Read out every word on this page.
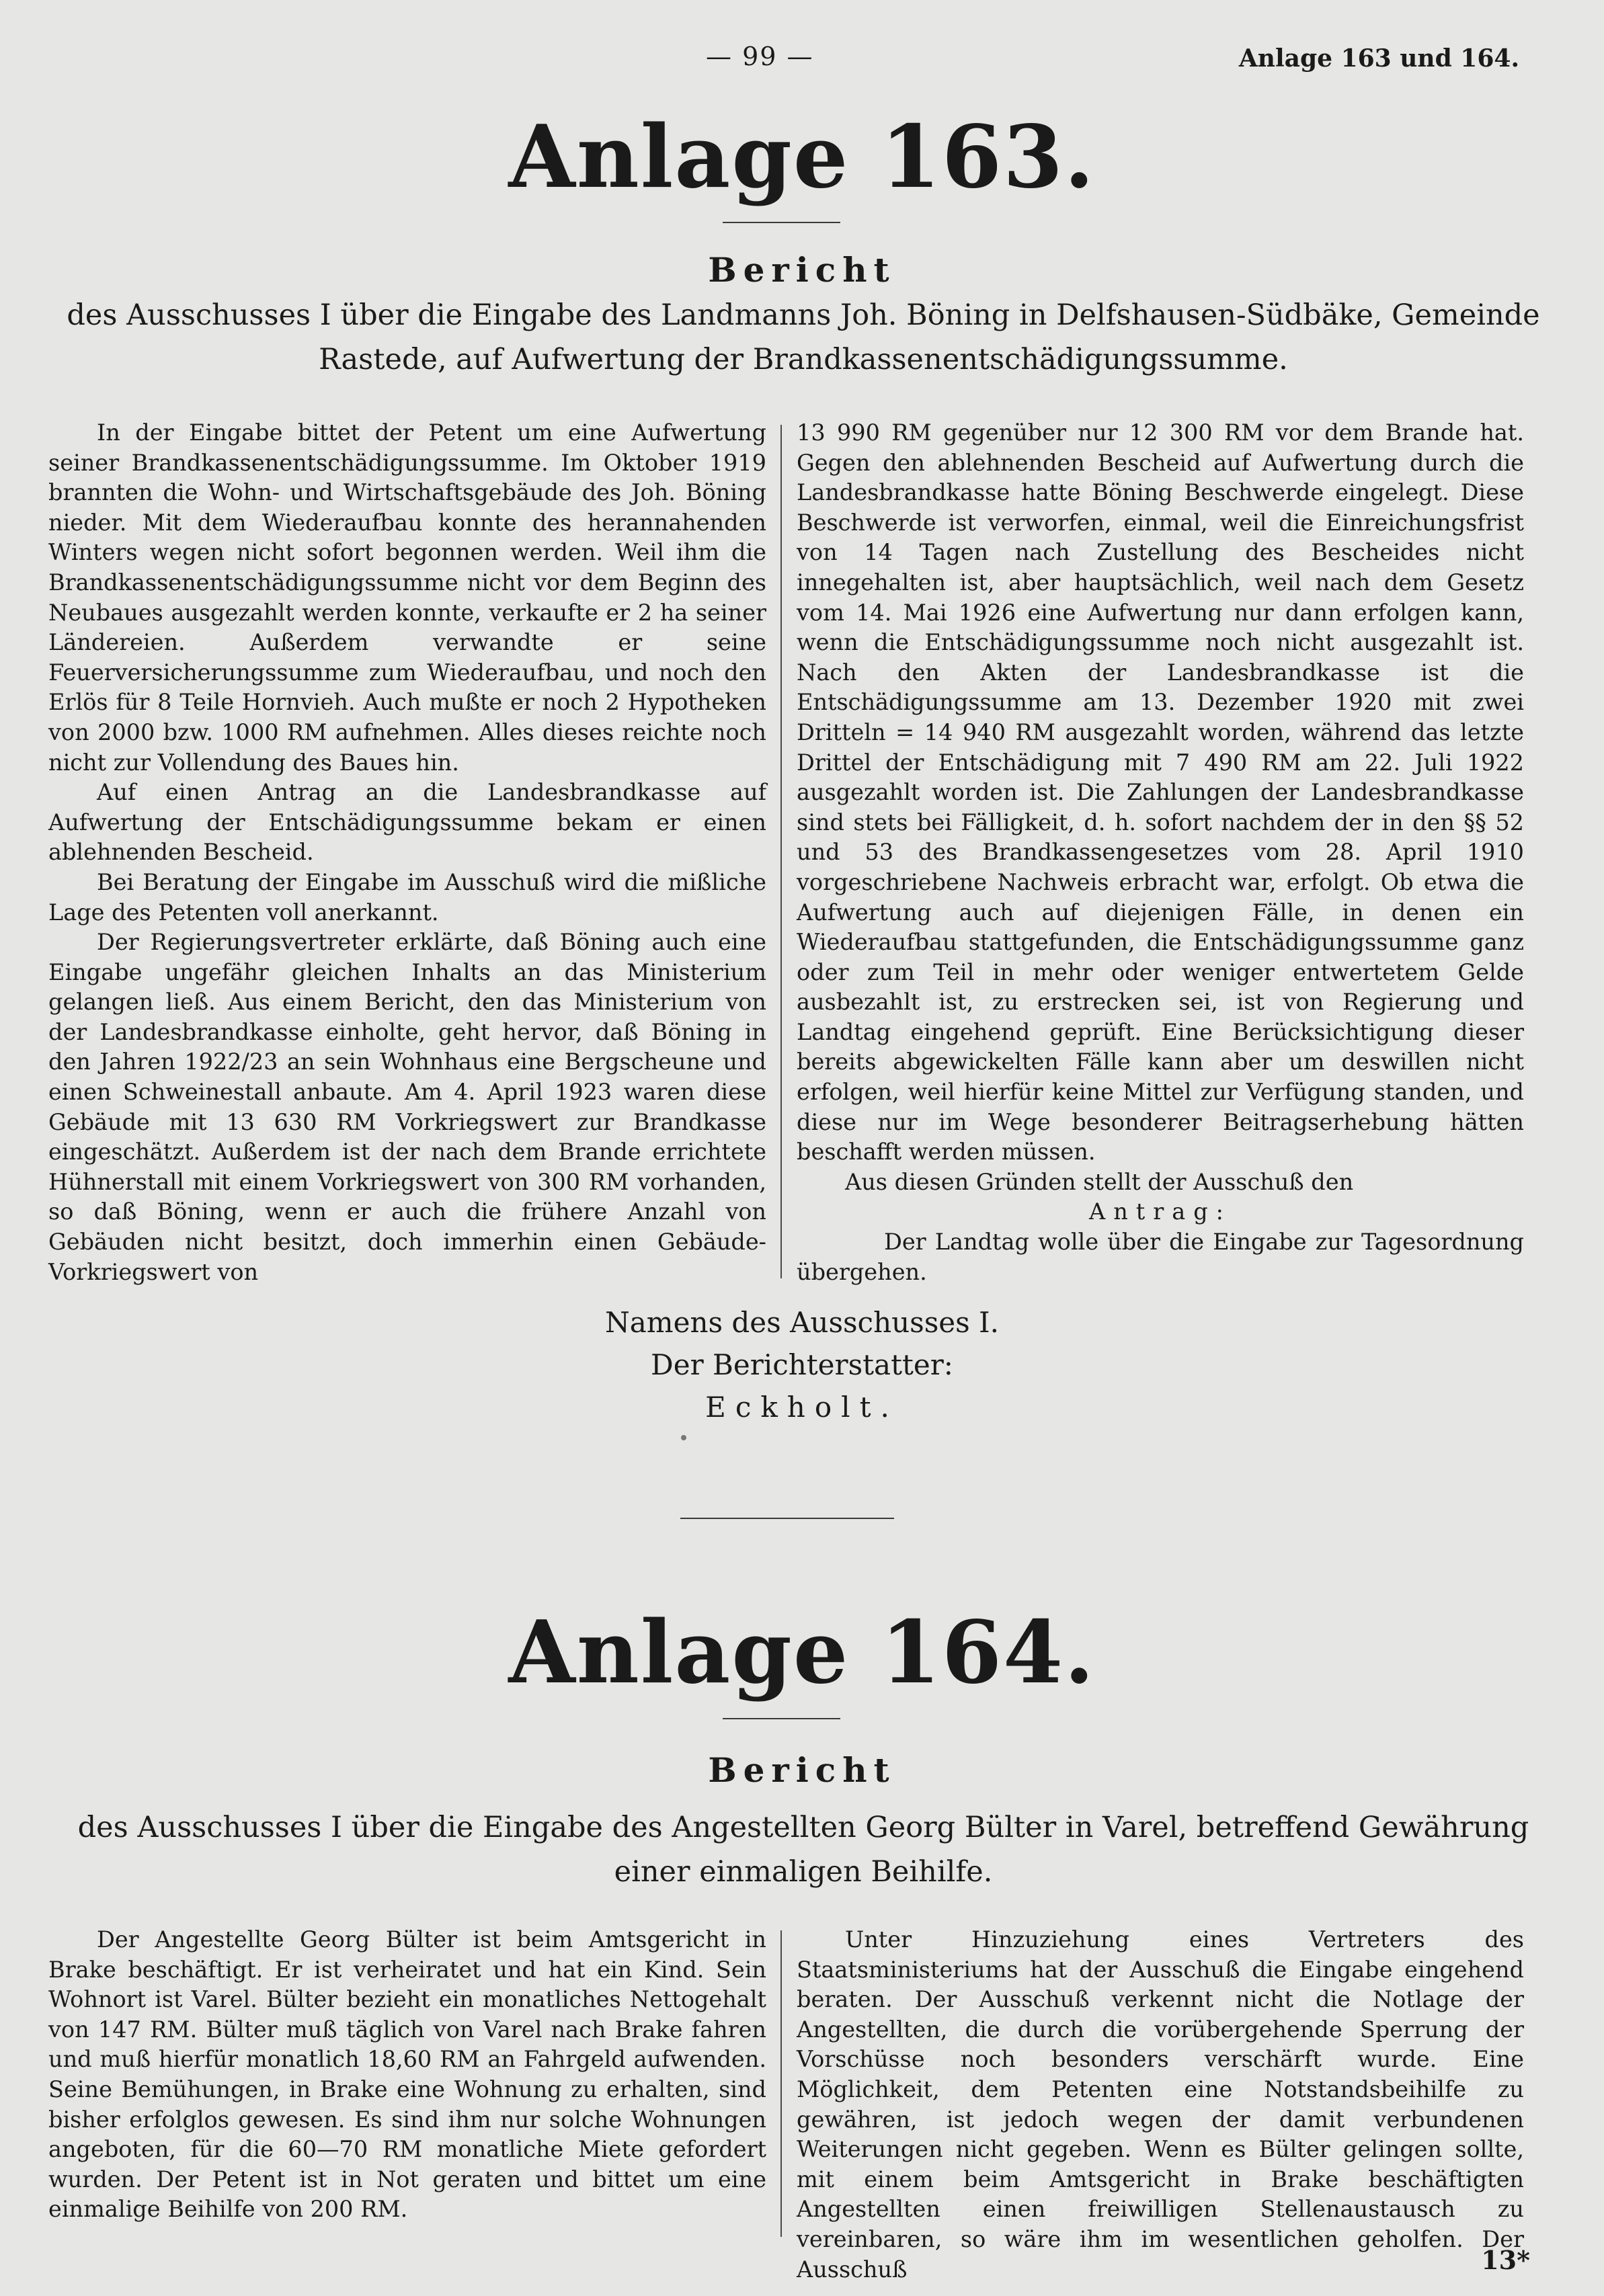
— 99 —	Anlage 163 und 164.
Anlage 163.
Bericht
des Ausschusses I über die Eingabe des Landmanns Joh. Böning in Delfshausen-Südbäke, Gemeinde Rastede, auf Aufwertung der Brandkassenentschädigungssumme.

In der Eingabe bittet der Petent um eine Aufwertung seiner Brandkassenentschädigungssumme. Im Oktober 1919 brannten die Wohn- und Wirtschaftsgebäude des Joh. Böning nieder. Mit dem Wiederaufbau konnte des herannahenden Winters wegen nicht sofort begonnen werden. Weil ihm die Brandkassenentschädigungssumme nicht vor dem Beginn des Neubaues ausgezahlt werden konnte, verkaufte er 2 ha seiner Ländereien. Außerdem verwandte er seine Feuerversicherungssumme zum Wiederaufbau, und noch den Erlös für 8 Teile Hornvieh. Auch mußte er noch 2 Hypotheken von 2000 bzw. 1000 RM aufnehmen. Alles dieses reichte noch nicht zur Vollendung des Baues hin.

Auf einen Antrag an die Landesbrandkasse auf Aufwertung der Entschädigungssumme bekam er einen ablehnenden Bescheid.

Bei Beratung der Eingabe im Ausschuß wird die mißliche Lage des Petenten voll anerkannt.

Der Regierungsvertreter erklärte, daß Böning auch eine Eingabe ungefähr gleichen Inhalts an das Ministerium gelangen ließ. Aus einem Bericht, den das Ministerium von der Landesbrandkasse einholte, geht hervor, daß Böning in den Jahren 1922/23 an sein Wohnhaus eine Bergscheune und einen Schweinestall anbaute. Am 4. April 1923 waren diese Gebäude mit 13 630 RM Vorkriegswert zur Brandkasse eingeschätzt. Außerdem ist der nach dem Brande errichtete Hühnerstall mit einem Vorkriegswert von 300 RM vorhanden, so daß Böning, wenn er auch die frühere Anzahl von Gebäuden nicht besitzt, doch immerhin einen Gebäude-Vorkriegswert von

13 990 RM gegenüber nur 12 300 RM vor dem Brande hat. Gegen den ablehnenden Bescheid auf Aufwertung durch die Landesbrandkasse hatte Böning Beschwerde eingelegt. Diese Beschwerde ist verworfen, einmal, weil die Einreichungsfrist von 14 Tagen nach Zustellung des Bescheides nicht innegehalten ist, aber hauptsächlich, weil nach dem Gesetz vom 14. Mai 1926 eine Aufwertung nur dann erfolgen kann, wenn die Entschädigungssumme noch nicht ausgezahlt ist. Nach den Akten der Landesbrandkasse ist die Entschädigungssumme am 13. Dezember 1920 mit zwei Dritteln = 14 940 RM ausgezahlt worden, während das letzte Drittel der Entschädigung mit 7 490 RM am 22. Juli 1922 ausgezahlt worden ist. Die Zahlungen der Landesbrandkasse sind stets bei Fälligkeit, d. h. sofort nachdem der in den §§ 52 und 53 des Brandkassengesetzes vom 28. April 1910 vorgeschriebene Nachweis erbracht war, erfolgt. Ob etwa die Aufwertung auch auf diejenigen Fälle, in denen ein Wiederaufbau stattgefunden, die Entschädigungssumme ganz oder zum Teil in mehr oder weniger entwertetem Gelde ausbezahlt ist, zu erstrecken sei, ist von Regierung und Landtag eingehend geprüft. Eine Berücksichtigung dieser bereits abgewickelten Fälle kann aber um deswillen nicht erfolgen, weil hierfür keine Mittel zur Verfügung standen, und diese nur im Wege besonderer Beitragserhebung hätten beschafft werden müssen.

Aus diesen Gründen stellt der Ausschuß den

Antrag:

Der Landtag wolle über die Eingabe zur Tagesordnung übergehen.

Namens des Ausschusses I.
Der Berichterstatter:
Eckholt.
Anlage 164.
Bericht
des Ausschusses I über die Eingabe des Angestellten Georg Bülter in Varel, betreffend Gewährung einer einmaligen Beihilfe.

Der Angestellte Georg Bülter ist beim Amtsgericht in Brake beschäftigt. Er ist verheiratet und hat ein Kind. Sein Wohnort ist Varel. Bülter bezieht ein monatliches Nettogehalt von 147 RM. Bülter muß täglich von Varel nach Brake fahren und muß hierfür monatlich 18,60 RM an Fahrgeld aufwenden. Seine Bemühungen, in Brake eine Wohnung zu erhalten, sind bisher erfolglos gewesen. Es sind ihm nur solche Wohnungen angeboten, für die 60—70 RM monatliche Miete gefordert wurden. Der Petent ist in Not geraten und bittet um eine einmalige Beihilfe von 200 RM.

Unter Hinzuziehung eines Vertreters des Staatsministeriums hat der Ausschuß die Eingabe eingehend beraten. Der Ausschuß verkennt nicht die Notlage der Angestellten, die durch die vorübergehende Sperrung der Vorschüsse noch besonders verschärft wurde. Eine Möglichkeit, dem Petenten eine Notstandsbeihilfe zu gewähren, ist jedoch wegen der damit verbundenen Weiterungen nicht gegeben. Wenn es Bülter gelingen sollte, mit einem beim Amtsgericht in Brake beschäftigten Angestellten einen freiwilligen Stellenaustausch zu vereinbaren, so wäre ihm im wesentlichen geholfen. Der Ausschuß	13*
